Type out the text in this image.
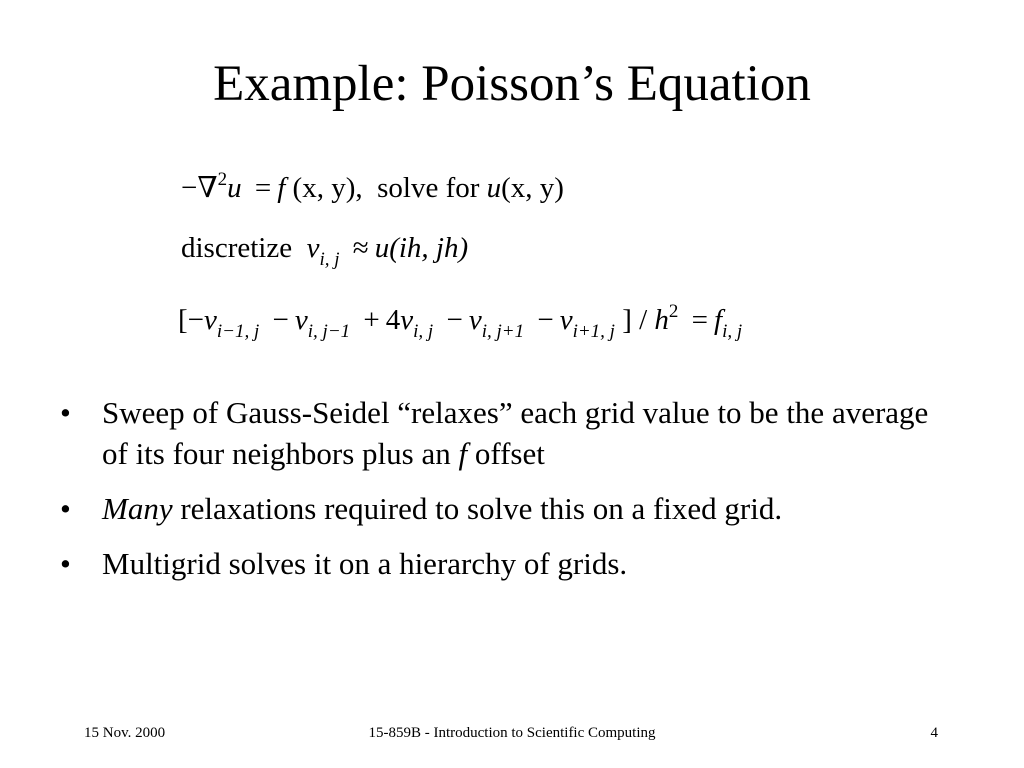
Example: Poisson’s Equation
−∇$^2$u = f (x, y), solve for u(x, y)
discretize $v_{i, j} \approx u(ih$, jh)
[$-v_{i-1, j} - v_{i, j-1} + 4v_{i, j} - v_{i, j+1} - v_{i+1, j}$ ] / $h^2 = f_{i, j}$
• Sweep of Gauss-Seidel “relaxes” each grid value to be the average of its four neighbors plus an f offset
• Many relaxations required to solve this on a fixed grid.
• Multigrid solves it on a hierarchy of grids.
15-859B - Introduction to Scientific Computing
15 Nov. 2000	4
